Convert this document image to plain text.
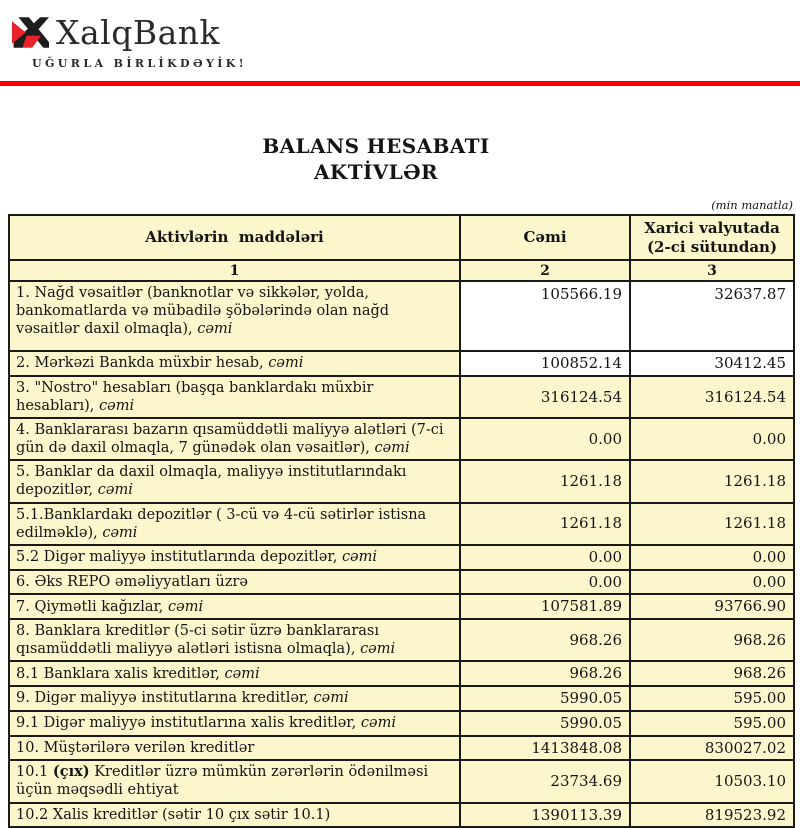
XalqBank
UĞURLA BİRLİKDƏYİK!
BALANS HESABATI
AKTİVLƏR
(min manatla)
Aktivlərin  maddələri	Cəmi	Xarici valyutada
(2-ci sütundan)

1	2	3
1. Nağd vəsaitlər (banknotlar və sikkələr, yolda, bankomatlarda və mübadilə şöbələrində olan nağd vəsaitlər daxil olmaqla), cəmi	105566.19	32637.87
2. Mərkəzi Bankda müxbir hesab, cəmi	100852.14	30412.45
3. "Nostro" hesabları (başqa banklardakı müxbir hesabları), cəmi	316124.54	316124.54
4. Banklararası bazarın qısamüddətli maliyyə alətləri (7-ci gün də daxil olmaqla, 7 günədək olan vəsaitlər), cəmi	0.00	0.00
5. Banklar da daxil olmaqla, maliyyə institutlarındakı depozitlər, cəmi	1261.18	1261.18
5.1.Banklardakı depozitlər ( 3-cü və 4-cü sətirlər istisna edilməklə), cəmi	1261.18	1261.18
5.2 Digər maliyyə institutlarında depozitlər, cəmi	0.00	0.00
6. Əks REPO əməliyyatları üzrə	0.00	0.00
7. Qiymətli kağızlar, cəmi	107581.89	93766.90
8. Banklara kreditlər (5-ci sətir üzrə banklararası qısamüddətli maliyyə alətləri istisna olmaqla), cəmi	968.26	968.26
8.1 Banklara xalis kreditlər, cəmi	968.26	968.26
9. Digər maliyyə institutlarına kreditlər, cəmi	5990.05	595.00
9.1 Digər maliyyə institutlarına xalis kreditlər, cəmi	5990.05	595.00
10. Müştərilərə verilən kreditlər	1413848.08	830027.02
10.1 (çıx) Kreditlər üzrə mümkün zərərlərin ödənilməsi üçün məqsədli ehtiyat	23734.69	10503.10
10.2 Xalis kreditlər (sətir 10 çıx sətir 10.1)	1390113.39	819523.92
